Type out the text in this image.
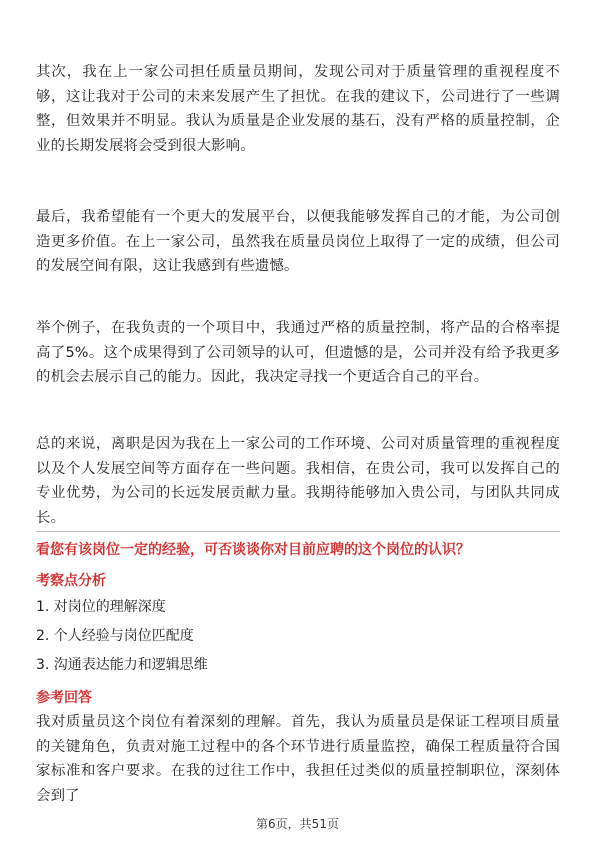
其次，我在上一家公司担任质量员期间，发现公司对于质量管理的重视程度不够，这让我对于公司的未来发展产生了担忧。在我的建议下，公司进行了一些调整，但效果并不明显。我认为质量是企业发展的基石，没有严格的质量控制，企业的长期发展将会受到很大影响。

最后，我希望能有一个更大的发展平台，以便我能够发挥自己的才能，为公司创造更多价值。在上一家公司，虽然我在质量员岗位上取得了一定的成绩，但公司的发展空间有限，这让我感到有些遗憾。

举个例子，在我负责的一个项目中，我通过严格的质量控制，将产品的合格率提高了5%。这个成果得到了公司领导的认可，但遗憾的是，公司并没有给予我更多的机会去展示自己的能力。因此，我决定寻找一个更适合自己的平台。

总的来说，离职是因为我在上一家公司的工作环境、公司对质量管理的重视程度以及个人发展空间等方面存在一些问题。我相信，在贵公司，我可以发挥自己的专业优势，为公司的长远发展贡献力量。我期待能够加入贵公司，与团队共同成长。

看您有该岗位一定的经验，可否谈谈你对目前应聘的这个岗位的认识？

考察点分析

1. 对岗位的理解深度

2. 个人经验与岗位匹配度

3. 沟通表达能力和逻辑思维

参考回答

我对质量员这个岗位有着深刻的理解。首先，我认为质量员是保证工程项目质量的关键角色，负责对施工过程中的各个环节进行质量监控，确保工程质量符合国家标准和客户要求。在我的过往工作中，我担任过类似的质量控制职位，深刻体会到了

第6页，共51页
